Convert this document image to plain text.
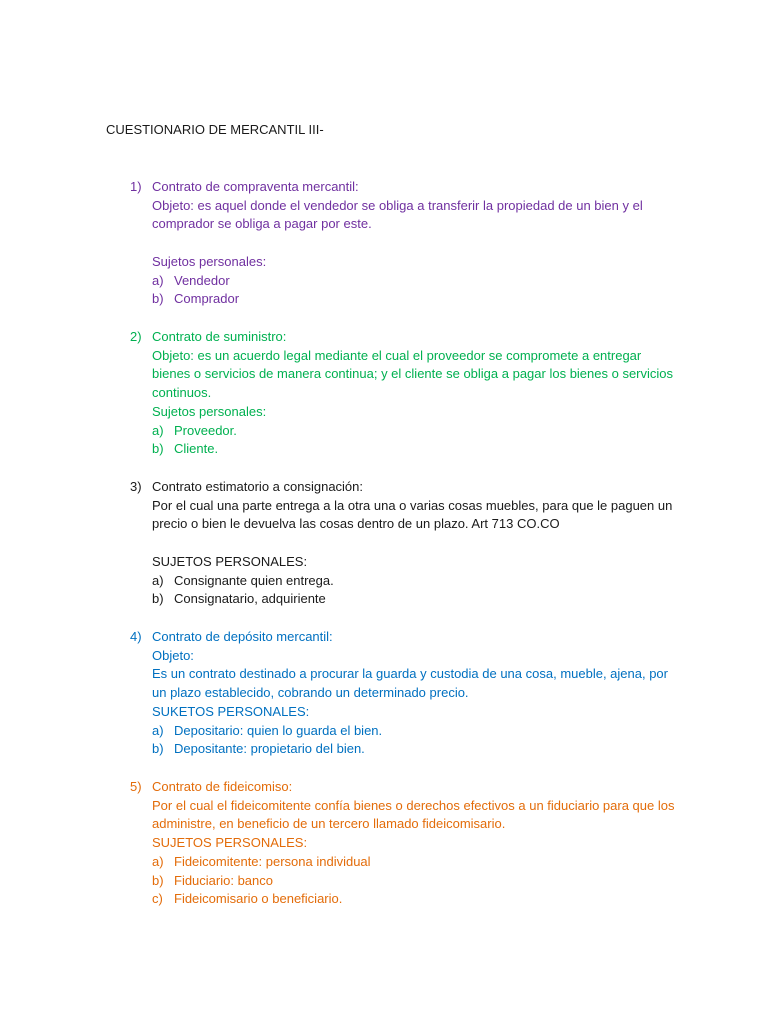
CUESTIONARIO DE MERCANTIL III-
1) Contrato de compraventa mercantil:
Objeto: es aquel donde el vendedor se obliga a transferir la propiedad de un bien y el
comprador se obliga a pagar por este.
Sujetos personales:
a) Vendedor
b) Comprador
2) Contrato de suministro:
Objeto: es un acuerdo legal mediante el cual el proveedor se compromete a entregar
bienes o servicios de manera continua; y el cliente se obliga a pagar los bienes o servicios
continuos.
Sujetos personales:
a) Proveedor.
b) Cliente.
3) Contrato estimatorio a consignación:
Por el cual una parte entrega a la otra una o varias cosas muebles, para que le paguen un
precio o bien le devuelva las cosas dentro de un plazo. Art 713 CO.CO
SUJETOS PERSONALES:
a) Consignante quien entrega.
b) Consignatario, adquiriente
4) Contrato de depósito mercantil:
Objeto:
Es un contrato destinado a procurar la guarda y custodia de una cosa, mueble, ajena, por
un plazo establecido, cobrando un determinado precio.
SUKETOS PERSONALES:
a) Depositario: quien lo guarda el bien.
b) Depositante: propietario del bien.
5) Contrato de fideicomiso:
Por el cual el fideicomitente confía bienes o derechos efectivos a un fiduciario para que los
administre, en beneficio de un tercero llamado fideicomisario.
SUJETOS PERSONALES:
a) Fideicomitente: persona individual
b) Fiduciario: banco
c) Fideicomisario o beneficiario.
